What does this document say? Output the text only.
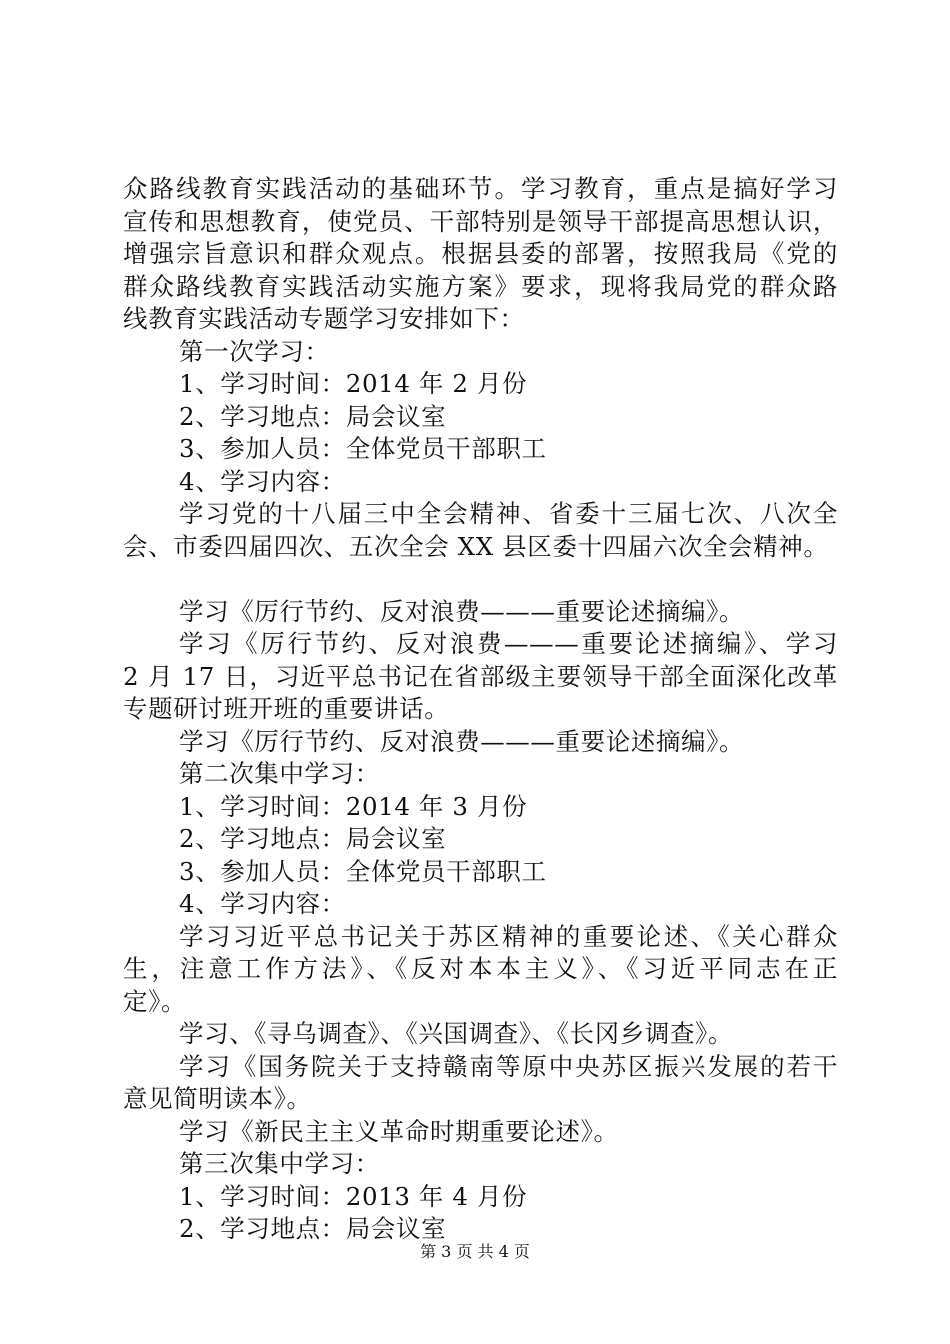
众路线教育实践活动的基础环节。学习教育，重点是搞好学习
宣传和思想教育，使党员、干部特别是领导干部提高思想认识，
增强宗旨意识和群众观点。根据县委的部署，按照我局《党的
群众路线教育实践活动实施方案》要求，现将我局党的群众路
线教育实践活动专题学习安排如下：
第一次学习：
1、学习时间：2014 年 2 月份
2、学习地点：局会议室
3、参加人员：全体党员干部职工
4、学习内容：
学习党的十八届三中全会精神、省委十三届七次、八次全
会、市委四届四次、五次全会 XX 县区委十四届六次全会精神。
学习《厉行节约、反对浪费———重要论述摘编》。
学习《厉行节约、反对浪费———重要论述摘编》、学习
2 月 17 日，习近平总书记在省部级主要领导干部全面深化改革
专题研讨班开班的重要讲话。
学习《厉行节约、反对浪费———重要论述摘编》。
第二次集中学习：
1、学习时间：2014 年 3 月份
2、学习地点：局会议室
3、参加人员：全体党员干部职工
4、学习内容：
学习习近平总书记关于苏区精神的重要论述、《关心群众
生，注意工作方法》、《反对本本主义》、《习近平同志在正
定》。
学习、《寻乌调查》、《兴国调查》、《长冈乡调查》。
学习《国务院关于支持赣南等原中央苏区振兴发展的若干
意见简明读本》。
学习《新民主主义革命时期重要论述》。
第三次集中学习：
1、学习时间：2013 年 4 月份
2、学习地点：局会议室
第 3 页 共 4 页
